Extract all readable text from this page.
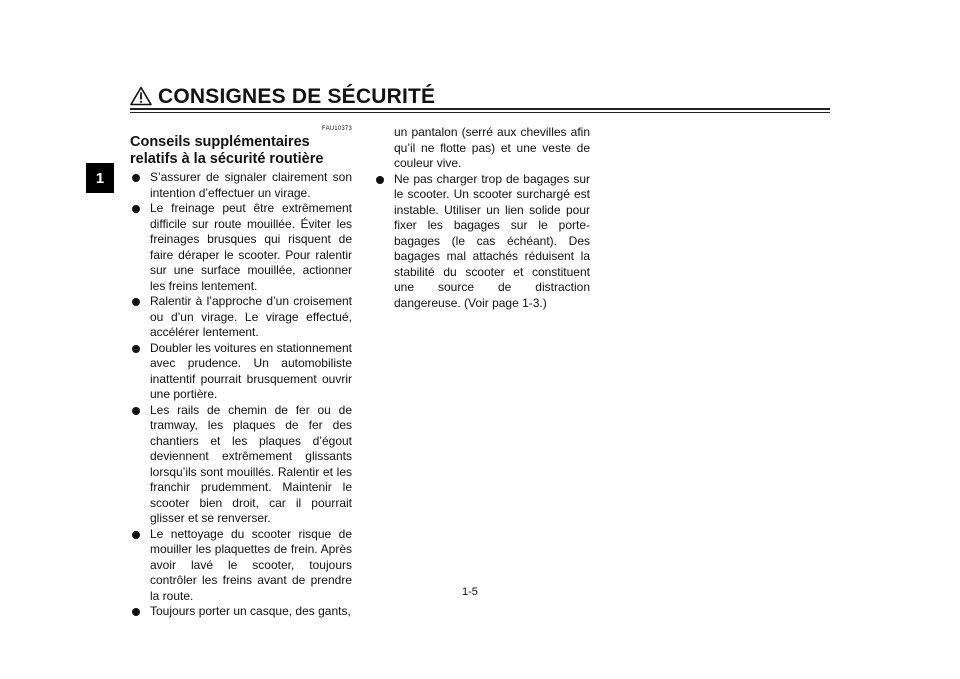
CONSIGNES DE SÉCURITÉ
1
FAU10373
Conseils supplémentaires
relatifs à la sécurité routière
S’assurer de signaler clairement son intention d’effectuer un virage.
Le freinage peut être extrêmement difficile sur route mouillée. Éviter les freinages brusques qui risquent de faire déraper le scooter. Pour ralentir sur une surface mouillée, actionner les freins lentement.
Ralentir à l’approche d’un croisement ou d’un virage. Le virage effectué, accélérer lentement.
Doubler les voitures en stationnement avec prudence. Un automobiliste inattentif pourrait brusquement ouvrir une portière.
Les rails de chemin de fer ou de tramway, les plaques de fer des chantiers et les plaques d’égout deviennent extrêmement glissants lorsqu’ils sont mouillés. Ralentir et les franchir prudemment. Maintenir le scooter bien droit, car il pourrait glisser et se renverser.
Le nettoyage du scooter risque de mouiller les plaquettes de frein. Après avoir lavé le scooter, toujours contrôler les freins avant de prendre la route.
Toujours porter un casque, des gants,
un pantalon (serré aux chevilles afin qu’il ne flotte pas) et une veste de couleur vive.
Ne pas charger trop de bagages sur le scooter. Un scooter surchargé est instable. Utiliser un lien solide pour fixer les bagages sur le porte-bagages (le cas échéant). Des bagages mal attachés réduisent la stabilité du scooter et constituent une source de distraction dangereuse. (Voir page 1-3.)
1-5
